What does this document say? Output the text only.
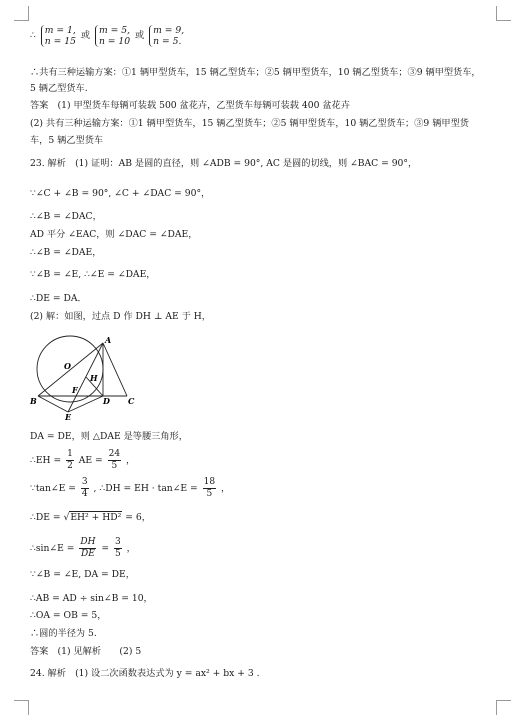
∴ m = 1,
n = 15 或 m = 5,
n = 10 或 m = 9,
n = 5.
∴共有三种运输方案：①1 辆甲型货车，15 辆乙型货车；②5 辆甲型货车，10 辆乙型货车；③9 辆甲型货车，
5 辆乙型货车.
答案　(1) 甲型货车每辆可装载 500 盆花卉，乙型货车每辆可装载 400 盆花卉
(2) 共有三种运输方案：①1 辆甲型货车，15 辆乙型货车；②5 辆甲型货车，10 辆乙型货车；③9 辆甲型货
车，5 辆乙型货车
23. 解析　(1) 证明：AB 是圆的直径，则 ∠ADB = 90°, AC 是圆的切线，则 ∠BAC = 90°，
∵∠C + ∠B = 90°, ∠C + ∠DAC = 90°，
∴∠B = ∠DAC，
AD 平分 ∠EAC，则 ∠DAC = ∠DAE，
∴∠B = ∠DAE，
∵∠B = ∠E, ∴∠E = ∠DAE，
∴DE = DA．
(2) 解：如图，过点 D 作 DH ⊥ AE 于 H，
A
O
H
F
B	D C
E
DA = DE，则 △DAE 是等腰三角形，
∴EH = $\frac{1}{2}$ AE = $\frac{24}{5}$ ，
∵tan∠E = $\frac{3}{4}$ , ∴DH = EH · tan∠E = $\frac{18}{5}$ ，
∴DE = √EH² + HD² = 6，
∴sin∠E = $\frac{DH}{DE} = \frac{3}{5}$ ，
∵∠B = ∠E, DA = DE，
∴AB = AD ÷ sin∠B = 10，
∴OA = OB = 5，
∴圆的半径为 5.
答案　(1) 见解析　　(2) 5
24. 解析　(1) 设二次函数表达式为 y = ax² + bx + 3 .
